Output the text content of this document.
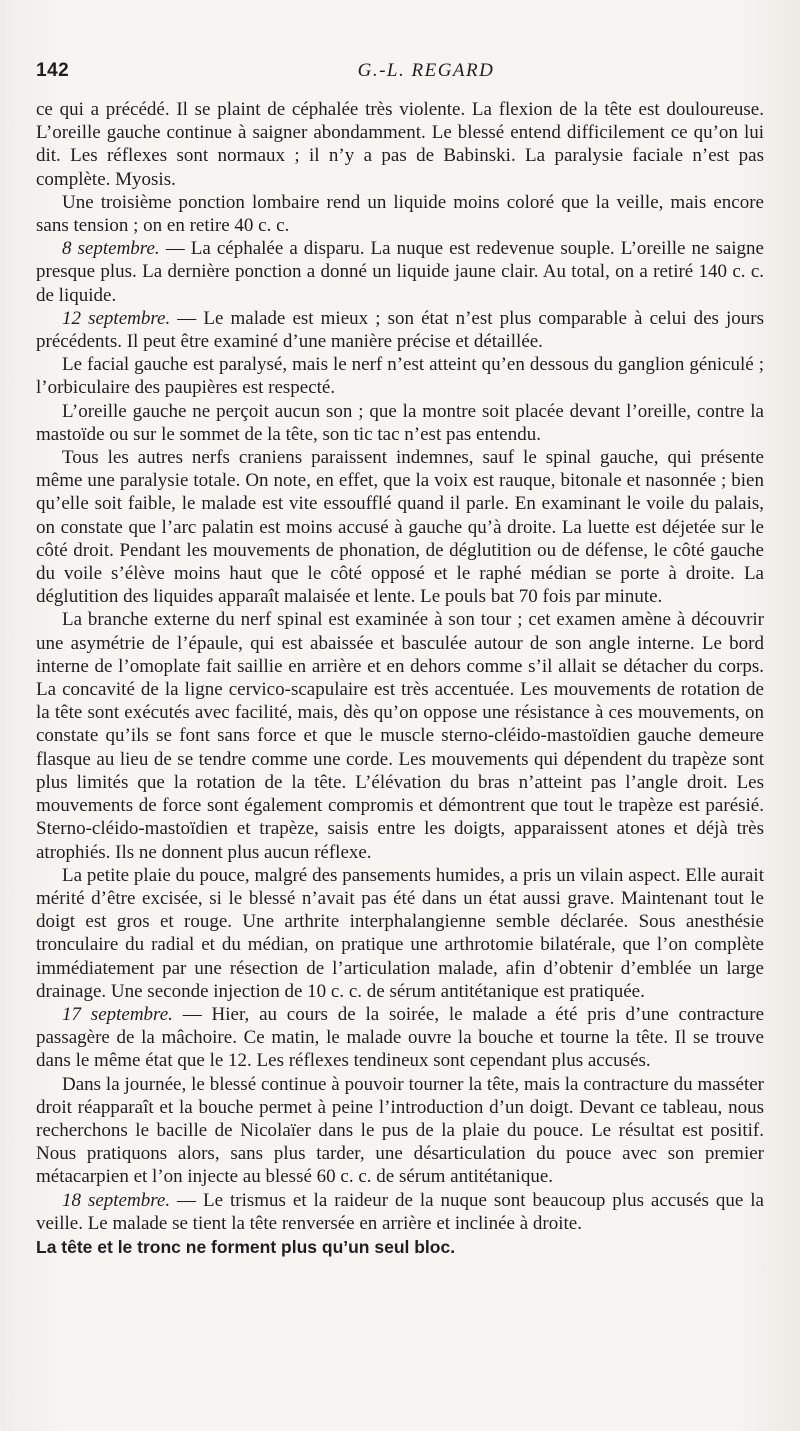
142	G.-L. REGARD

ce qui a précédé. Il se plaint de céphalée très violente. La flexion de la tête est douloureuse. L’oreille gauche continue à saigner abondamment. Le blessé entend difficilement ce qu’on lui dit. Les réflexes sont normaux ; il n’y a pas de Babinski. La paralysie faciale n’est pas complète. Myosis.

Une troisième ponction lombaire rend un liquide moins coloré que la veille, mais encore sans tension ; on en retire 40 c. c.

8 septembre. — La céphalée a disparu. La nuque est redevenue souple. L’oreille ne saigne presque plus. La dernière ponction a donné un liquide jaune clair. Au total, on a retiré 140 c. c. de liquide.

12 septembre. — Le malade est mieux ; son état n’est plus comparable à celui des jours précédents. Il peut être examiné d’une manière précise et détaillée.

Le facial gauche est paralysé, mais le nerf n’est atteint qu’en dessous du ganglion géniculé ; l’orbiculaire des paupières est respecté.

L’oreille gauche ne perçoit aucun son ; que la montre soit placée devant l’oreille, contre la mastoïde ou sur le sommet de la tête, son tic tac n’est pas entendu.

Tous les autres nerfs craniens paraissent indemnes, sauf le spinal gauche, qui présente même une paralysie totale. On note, en effet, que la voix est rauque, bitonale et nasonnée ; bien qu’elle soit faible, le malade est vite essoufflé quand il parle. En examinant le voile du palais, on constate que l’arc palatin est moins accusé à gauche qu’à droite. La luette est déjetée sur le côté droit. Pendant les mouvements de phonation, de déglutition ou de défense, le côté gauche du voile s’élève moins haut que le côté opposé et le raphé médian se porte à droite. La déglutition des liquides apparaît malaisée et lente. Le pouls bat 70 fois par minute.

La branche externe du nerf spinal est examinée à son tour ; cet examen amène à découvrir une asymétrie de l’épaule, qui est abaissée et basculée autour de son angle interne. Le bord interne de l’omoplate fait saillie en arrière et en dehors comme s’il allait se détacher du corps. La concavité de la ligne cervico-scapulaire est très accentuée. Les mouvements de rotation de la tête sont exécutés avec facilité, mais, dès qu’on oppose une résistance à ces mouvements, on constate qu’ils se font sans force et que le muscle sterno-cléido-mastoïdien gauche demeure flasque au lieu de se tendre comme une corde. Les mouvements qui dépendent du trapèze sont plus limités que la rotation de la tête. L’élévation du bras n’atteint pas l’angle droit. Les mouvements de force sont également compromis et démontrent que tout le trapèze est parésié. Sterno-cléido-mastoïdien et trapèze, saisis entre les doigts, apparaissent atones et déjà très atrophiés. Ils ne donnent plus aucun réflexe.

La petite plaie du pouce, malgré des pansements humides, a pris un vilain aspect. Elle aurait mérité d’être excisée, si le blessé n’avait pas été dans un état aussi grave. Maintenant tout le doigt est gros et rouge. Une arthrite interphalangienne semble déclarée. Sous anesthésie tronculaire du radial et du médian, on pratique une arthrotomie bilatérale, que l’on complète immédiatement par une résection de l’articulation malade, afin d’obtenir d’emblée un large drainage. Une seconde injection de 10 c. c. de sérum antitétanique est pratiquée.

17 septembre. — Hier, au cours de la soirée, le malade a été pris d’une contracture passagère de la mâchoire. Ce matin, le malade ouvre la bouche et tourne la tête. Il se trouve dans le même état que le 12. Les réflexes tendineux sont cependant plus accusés.

Dans la journée, le blessé continue à pouvoir tourner la tête, mais la contracture du masséter droit réapparaît et la bouche permet à peine l’introduction d’un doigt. Devant ce tableau, nous recherchons le bacille de Nicolaïer dans le pus de la plaie du pouce. Le résultat est positif. Nous pratiquons alors, sans plus tarder, une désarticulation du pouce avec son premier métacarpien et l’on injecte au blessé 60 c. c. de sérum antitétanique.

18 septembre. — Le trismus et la raideur de la nuque sont beaucoup plus accusés que la veille. Le malade se tient la tête renversée en arrière et inclinée à droite.

La tête et le tronc ne forment plus qu’un seul bloc.
